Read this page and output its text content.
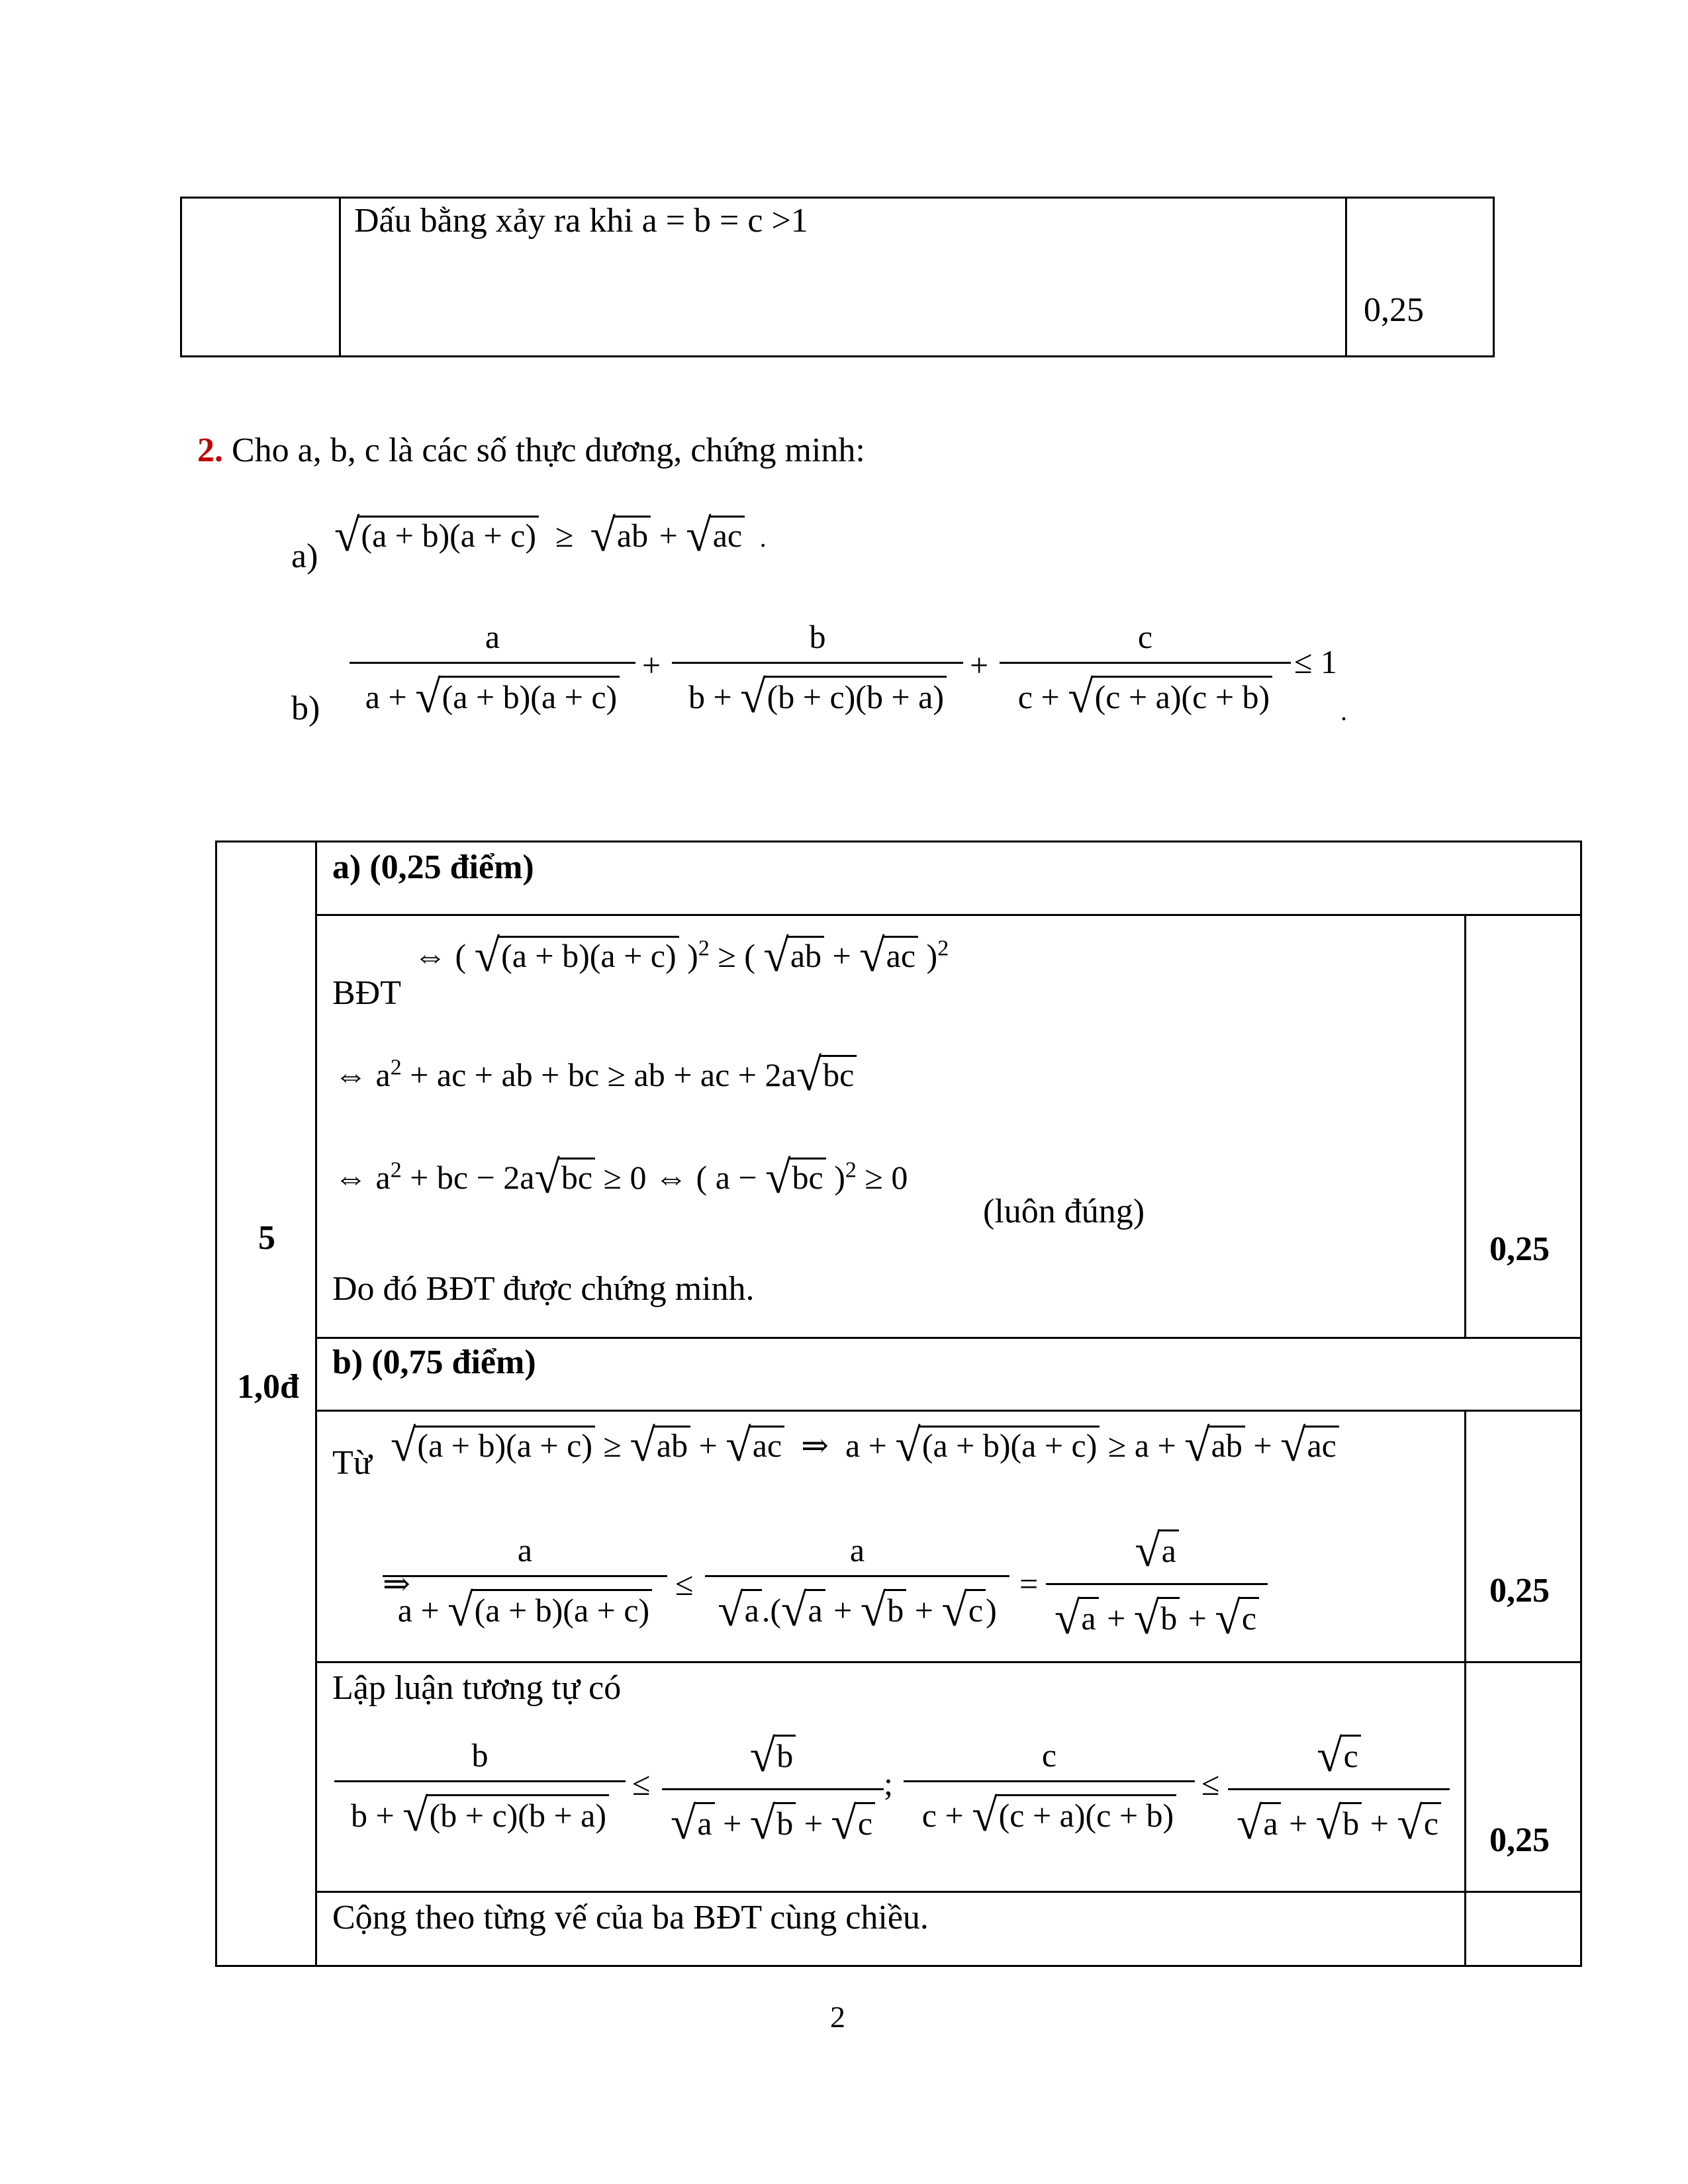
Dấu bằng xảy ra khi a = b = c >1
0,25
2. Cho a, b, c là các số thực dương, chứng minh:
a) √(a + b)(a + c)  ≥  √ab + √ac  .
$b) \frac{a}{a + √(a + b)(a + c)} + \frac{b}{b + √(b + c)(b + a)} + \frac{c}{c + √(c + a)(c + b)} \le 1$
.
5
1,0đ
a) (0,25 điểm)
BĐT
⇔ ( √(a + b)(a + c) )$^2$ ≥ ( √ab + √ac )$^2$
⇔ $a^2$ + ac + ab + bc ≥ ab + ac + 2a√bc
⇔ $a^2$ + bc − 2a√bc ≥ 0 ⇔ ( a − √bc )$^2$ ≥ 0
(luôn đúng)
Do đó BĐT được chứng minh.
0,25
b) (0,75 điểm)
Từ √(a + b)(a + c) ≥ √ab + √ac  ⇒  a + √(a + b)(a + c) ≥ a + √ab + √ac
⇒
$\frac{a}{a + √(a + b)(a + c)} \le \frac{a}{√a.(√a + √b + √c)} = \frac{√a}{√a + √b + √c}$	0,25
Lập luận tương tự có
$\frac{b}{b + √(b + c)(b + a)} \le \frac{√b}{√a + √b + √c}$ ; $\frac{c}{c + √(c + a)(c + b)} \le \frac{√c}{√a + √b + √c} 0,25$
Cộng theo từng vế của ba BĐT cùng chiều.
2
